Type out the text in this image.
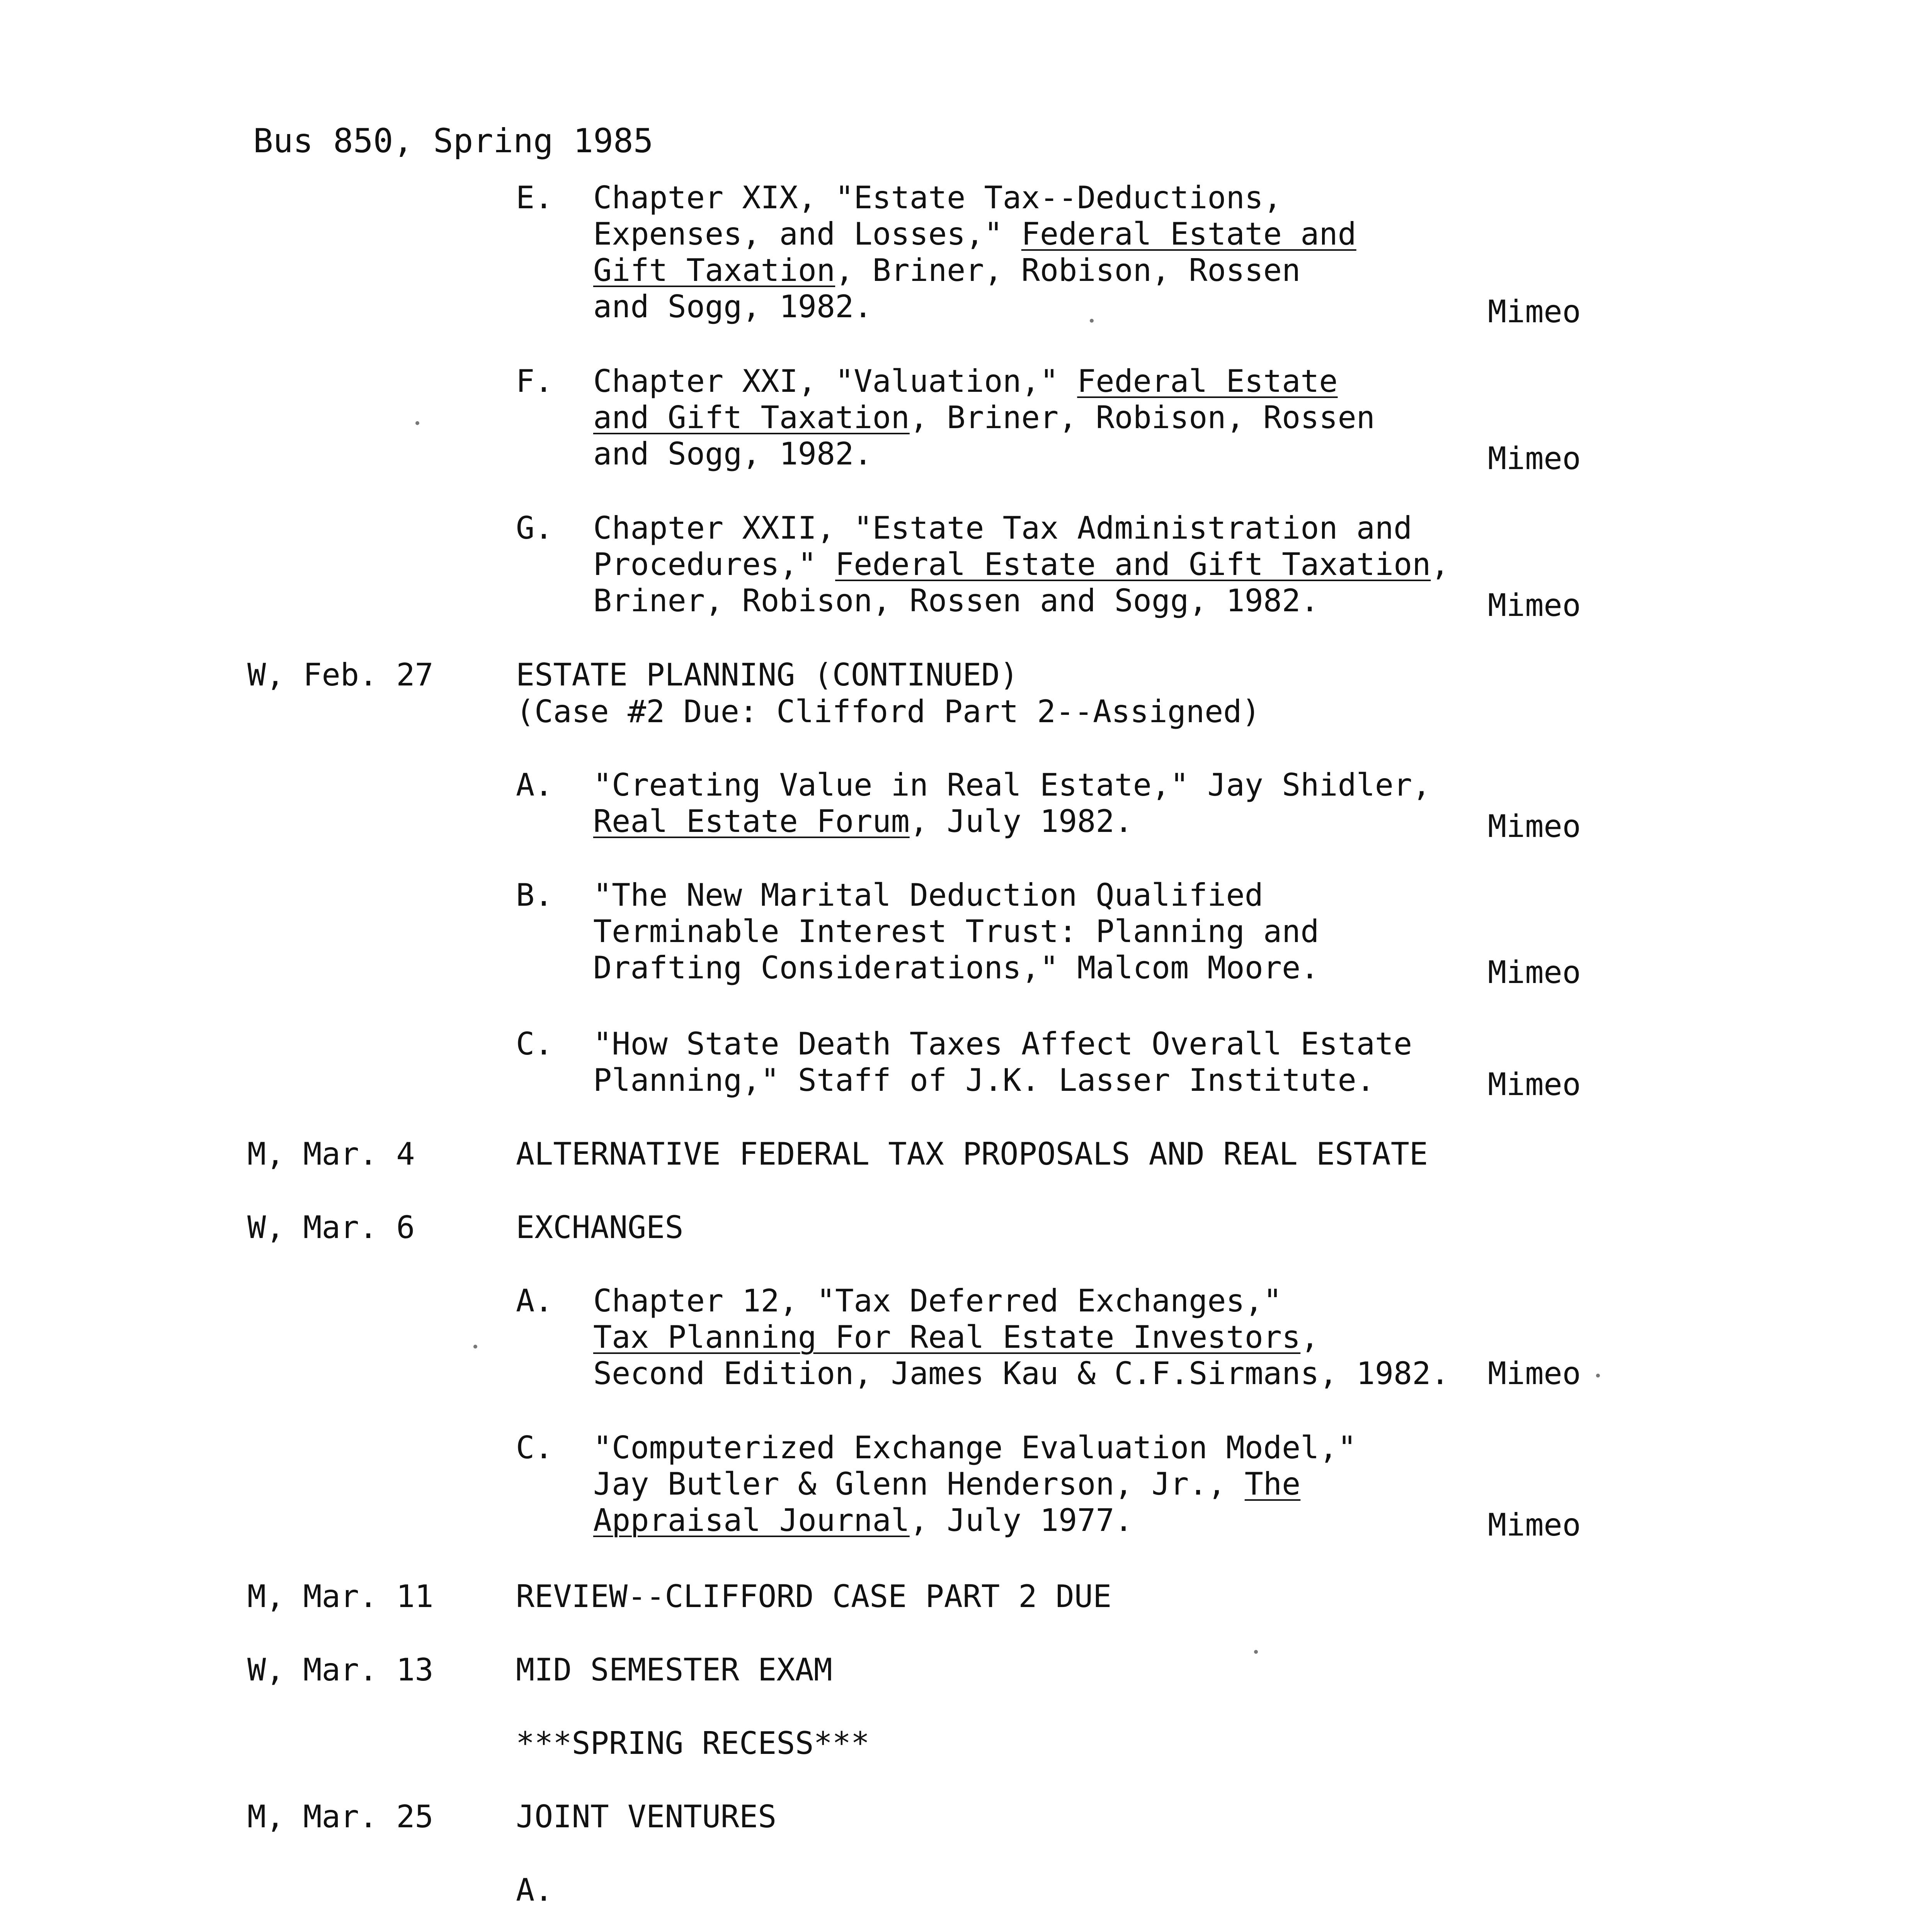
Bus 850, Spring 1985
E. Chapter XIX, "Estate Tax--Deductions,
Expenses, and Losses," Federal Estate and
Gift Taxation, Briner, Robison, Rossen
and Sogg, 1982.	Mimeo
F. Chapter XXI, "Valuation," Federal Estate
and Gift Taxation, Briner, Robison, Rossen
and Sogg, 1982.	Mimeo
G. Chapter XXII, "Estate Tax Administration and
Procedures," Federal Estate and Gift Taxation,
Briner, Robison, Rossen and Sogg, 1982.	Mimeo
W, Feb. 27	ESTATE PLANNING (CONTINUED)
(Case #2 Due: Clifford Part 2--Assigned)
A. "Creating Value in Real Estate," Jay Shidler,
Real Estate Forum, July 1982.	Mimeo
B. "The New Marital Deduction Qualified
Terminable Interest Trust: Planning and
Drafting Considerations," Malcom Moore.	Mimeo
C. "How State Death Taxes Affect Overall Estate
Planning," Staff of J.K. Lasser Institute.	Mimeo
M, Mar. 4	ALTERNATIVE FEDERAL TAX PROPOSALS AND REAL ESTATE
W, Mar. 6	EXCHANGES
A. Chapter 12, "Tax Deferred Exchanges,"
Tax Planning For Real Estate Investors,
Second Edition, James Kau & C.F.Sirmans, 1982. Mimeo
C. "Computerized Exchange Evaluation Model,"
Jay Butler & Glenn Henderson, Jr., The
Appraisal Journal, July 1977.	Mimeo
M, Mar. 11	REVIEW--CLIFFORD CASE PART 2 DUE
W, Mar. 13	MID SEMESTER EXAM
***SPRING RECESS***
M, Mar. 25	JOINT VENTURES
A.
